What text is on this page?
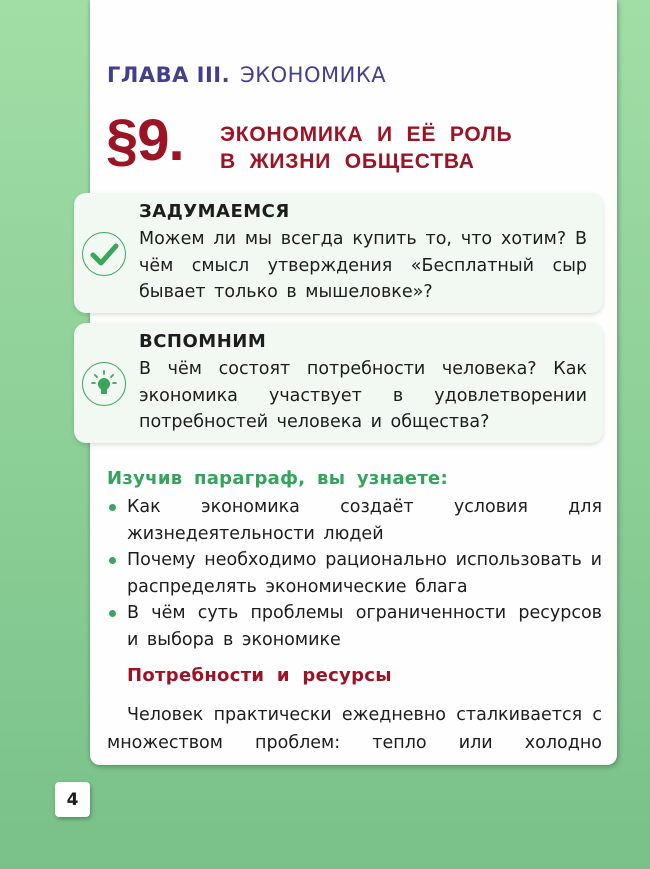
ГЛАВА III. ЭКОНОМИКА
§9. ЭКОНОМИКА И ЕЁ РОЛЬ
В ЖИЗНИ ОБЩЕСТВА
ЗАДУМАЕМСЯ
Можем ли мы всегда купить то, что хотим? В чём смысл утверждения «Бесплатный сыр бывает только в мышеловке»?
ВСПОМНИМ
В чём состоят потребности человека? Как экономика участвует в удовлетворении потребностей человека и общества?
Изучив параграф, вы узнаете:
Как экономика создаёт условия для жизнедеятельности людей
Почему необходимо рационально использовать и распределять экономические блага
В чём суть проблемы ограниченности ресурсов и выбора в экономике
Потребности и ресурсы
Человек практически ежедневно сталкивается с множеством проблем: тепло или холодно
4
